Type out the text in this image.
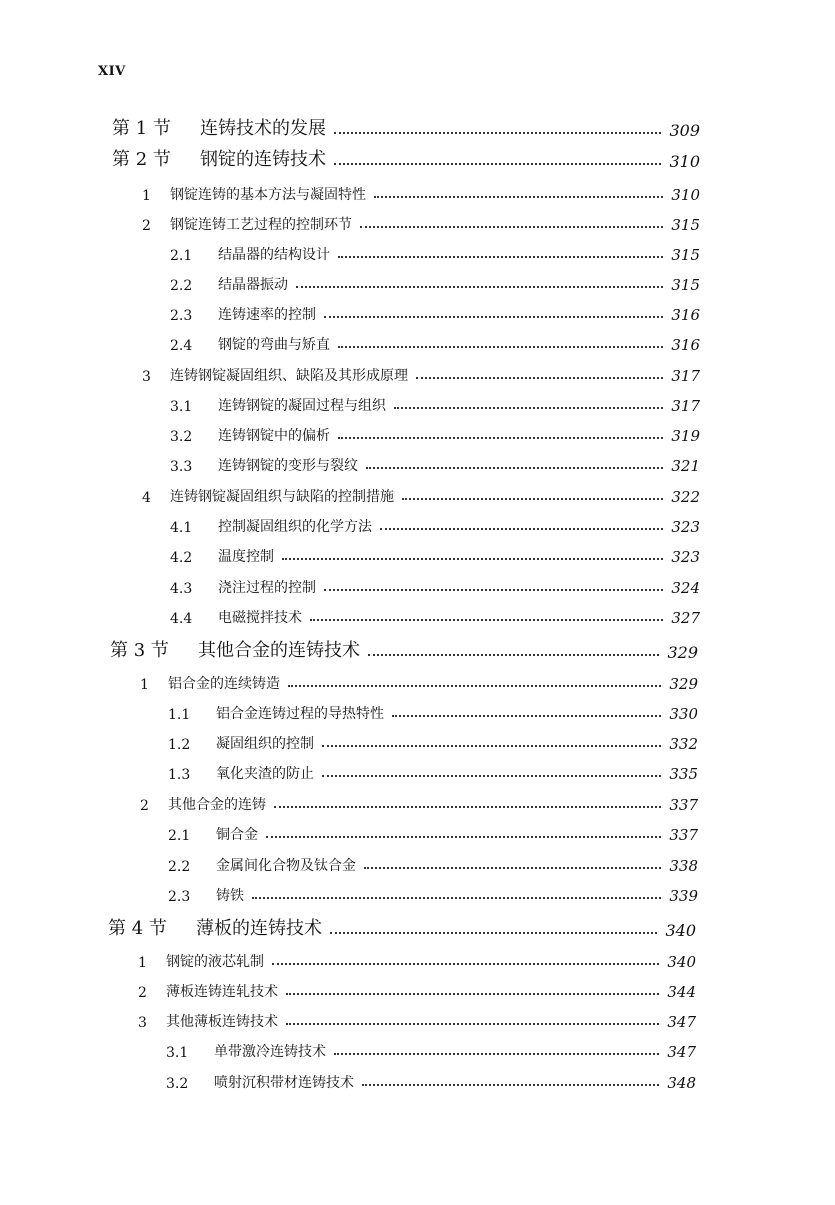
XIV
第 1 节	连铸技术的发展	309
第 2 节	钢锭的连铸技术	310
1	钢锭连铸的基本方法与凝固特性	310
2	钢锭连铸工艺过程的控制环节	315
2.1	结晶器的结构设计	315
2.2	结晶器振动	315
2.3	连铸速率的控制	316
2.4	钢锭的弯曲与矫直	316
3	连铸钢锭凝固组织、缺陷及其形成原理	317
3.1	连铸钢锭的凝固过程与组织	317
3.2	连铸钢锭中的偏析	319
3.3	连铸钢锭的变形与裂纹	321
4	连铸钢锭凝固组织与缺陷的控制措施	322
4.1	控制凝固组织的化学方法	323
4.2	温度控制	323
4.3	浇注过程的控制	324
4.4	电磁搅拌技术	327
第 3 节	其他合金的连铸技术	329
1	铝合金的连续铸造	329
1.1	铝合金连铸过程的导热特性	330
1.2	凝固组织的控制	332
1.3	氧化夹渣的防止	335
2	其他合金的连铸	337
2.1	铜合金	337
2.2	金属间化合物及钛合金	338
2.3	铸铁	339
第 4 节	薄板的连铸技术	340
1	钢锭的液芯轧制	340
2	薄板连铸连轧技术	344
3	其他薄板连铸技术	347
3.1	单带激冷连铸技术	347
3.2	喷射沉积带材连铸技术	348
